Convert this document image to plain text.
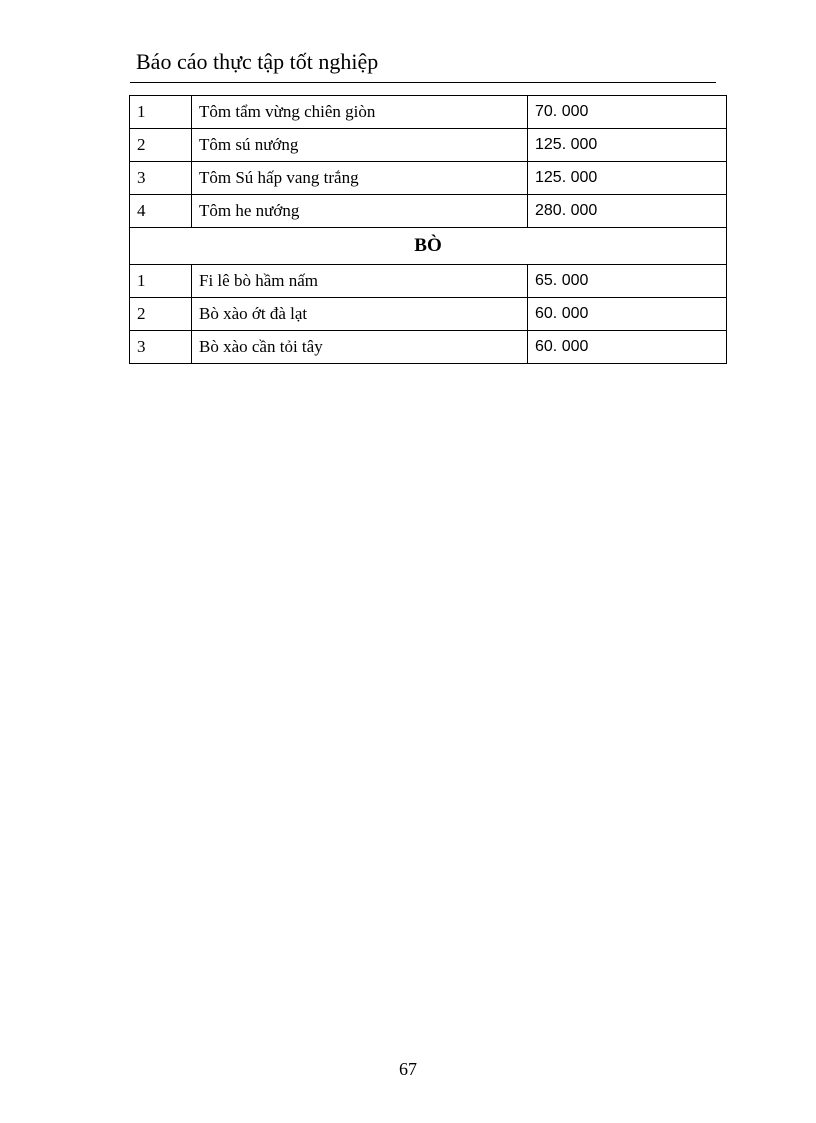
Báo cáo thực tập tốt nghiệp
1	Tôm tẩm vừng chiên giòn	70. 000
2	Tôm sú nướng	125. 000
3	Tôm Sú hấp vang trắng	125. 000
4	Tôm he nướng	280. 000
BÒ		
1	Fi lê bò hầm nấm	65. 000
2	Bò xào ớt đà lạt	60. 000
3	Bò xào cần tỏi tây	60. 000
67
